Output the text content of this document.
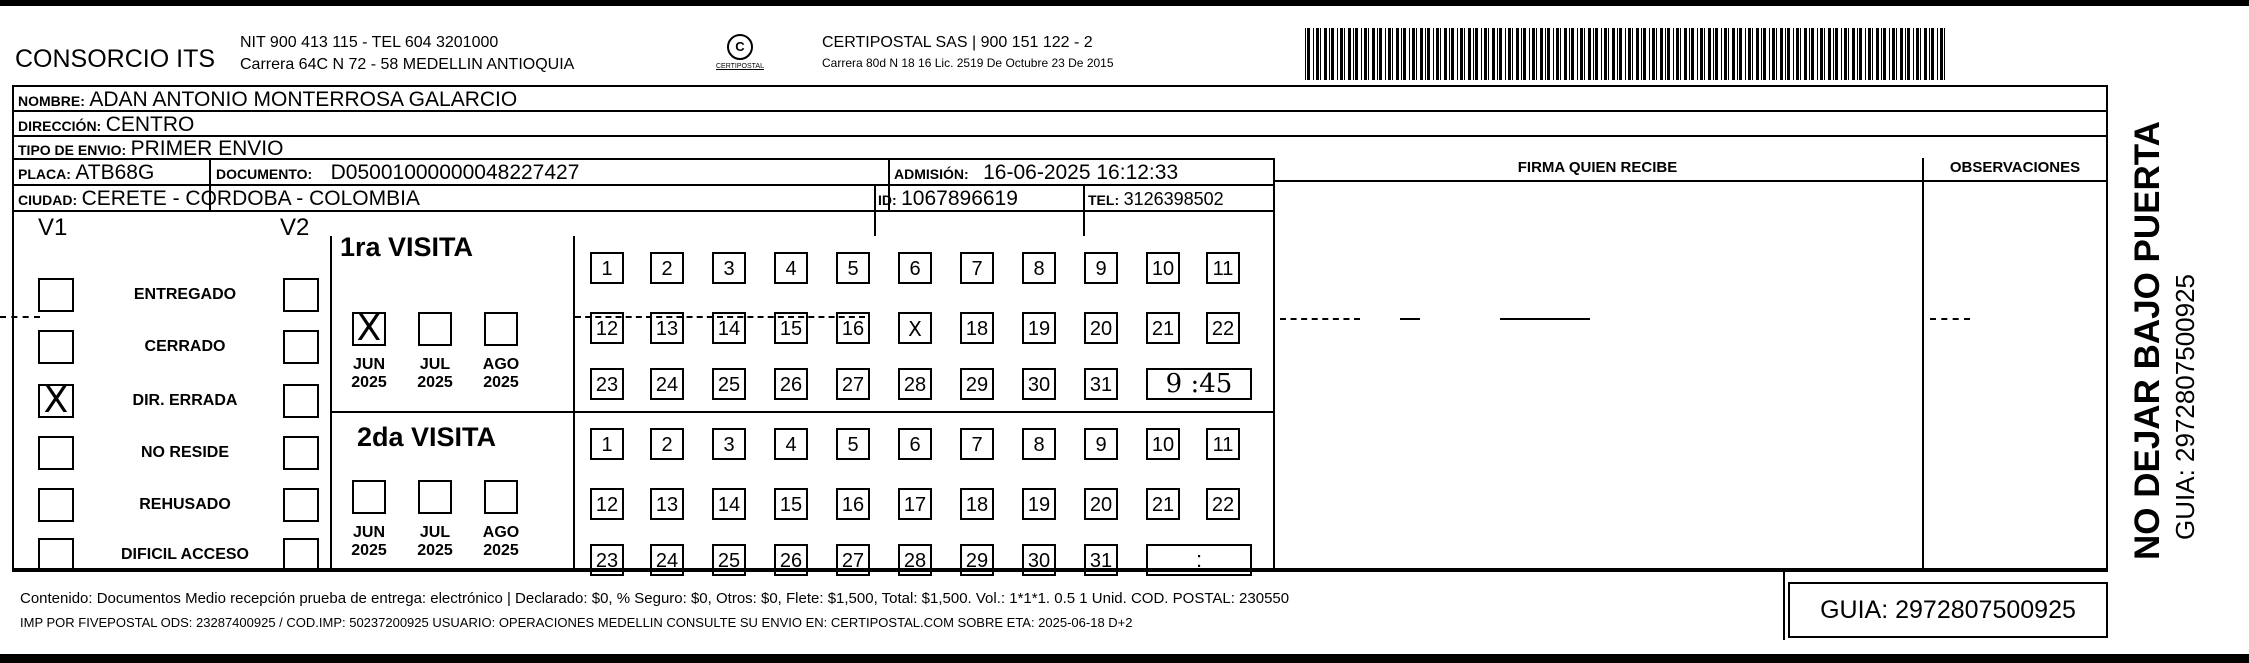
CONSORCIO ITS
NIT 900 413 115 - TEL 604 3201000
Carrera 64C N 72 - 58 MEDELLIN ANTIOQUIA
C
CERTIPOSTAL
CERTIPOSTAL SAS | 900 151 122 - 2
Carrera 80d N 18 16 Lic. 2519 De Octubre 23 De 2015
NOMBRE: ADAN ANTONIO MONTERROSA GALARCIO
DIRECCIÓN: CENTRO
TIPO DE ENVIO: PRIMER ENVIO
FIRMA QUIEN RECIBE	OBSERVACIONES
PLACA: ATB68G	DOCUMENTO: D05001000000048227427	ADMISIÓN: 16-06-2025 16:12:33
CIUDAD: CERETE - CORDOBA - COLOMBIA	ID: 1067896619	TEL: 3126398502
V1	V2
1ra VISITA
2da VISITA
Contenido: Documentos Medio recepción prueba de entrega: electrónico | Declarado: $0, % Seguro: $0, Otros: $0, Flete: $1,500, Total: $1,500. Vol.: 1*1*1. 0.5 1 Unid. COD. POSTAL: 230550
IMP POR FIVEPOSTAL ODS: 23287400925 / COD.IMP: 50237200925 USUARIO: OPERACIONES MEDELLIN CONSULTE SU ENVIO EN: CERTIPOSTAL.COM SOBRE ETA: 2025-06-18 D+2	GUIA: 2972807500925
NO DEJAR BAJO PUERTA GUIA: 2972807500925
ENTREGADO
CERRADO
X	DIR. ERRADA
NO RESIDE
REHUSADO
DIFICIL ACCESO
X
JUN
2025
JUL
2025
AGO
2025
JUN
2025
JUL
2025
AGO
2025
1	2	3	4	5	6	7	8	9	10	11
12 13 14 15 16	X	18 19 20 21 22
23 24 25 26 27 28 29 30 31	9 :45
1	2	3	4	5	6	7	8	9	10	11
12 13 14 15 16 17 18 19 20 21 22
23 24 25 26 27 28 29 30 31	:
